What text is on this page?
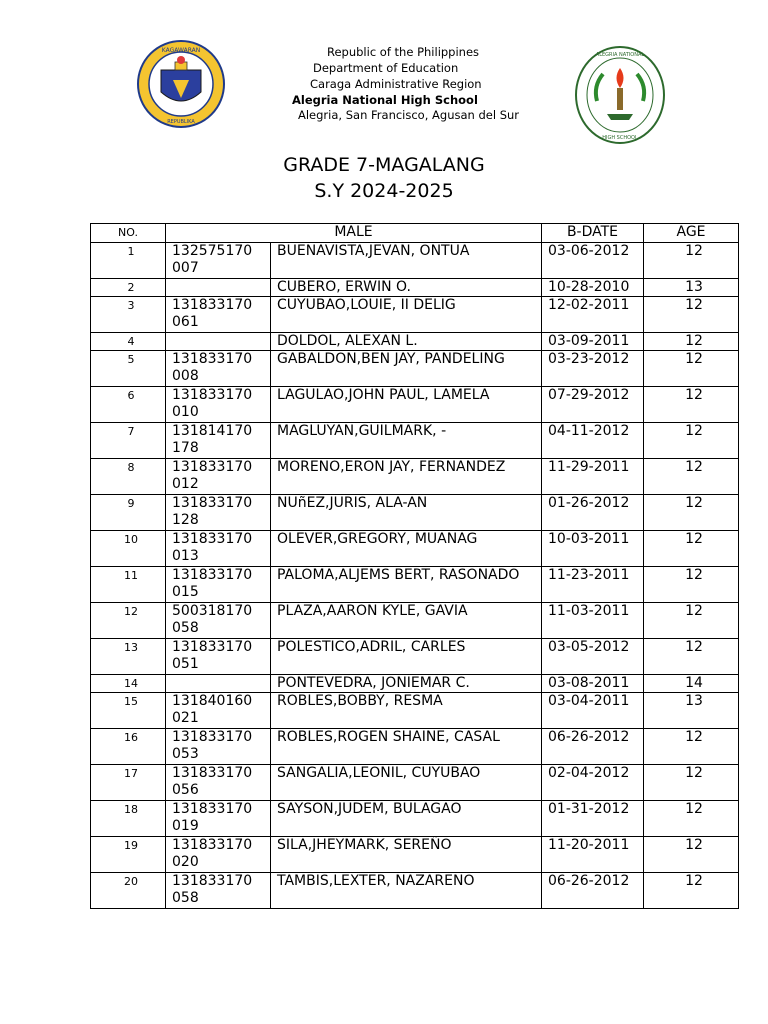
KAGAWARAN
REPUBLIKA
ALEGRIA NATIONAL
HIGH SCHOOL
Republic of the Philippines
Department of Education
Caraga Administrative Region
Alegria National High School
Alegria, San Francisco, Agusan del Sur
GRADE 7-MAGALANG
S.Y 2024-2025
NO.	MALE		B-DATE	AGE
1	132575170 007	BUENAVISTA,JEVAN, ONTUA	03-06-2012	12
2		CUBERO, ERWIN O.	10-28-2010	13
3	131833170 061	CUYUBAO,LOUIE, II DELIG	12-02-2011	12
4		DOLDOL, ALEXAN L.	03-09-2011	12
5	131833170 008	GABALDON,BEN JAY, PANDELING	03-23-2012	12
6	131833170 010	LAGULAO,JOHN PAUL, LAMELA	07-29-2012	12
7	131814170 178	MAGLUYAN,GUILMARK, -	04-11-2012	12
8	131833170 012	MORENO,ERON JAY, FERNANDEZ	11-29-2011	12
9	131833170 128	NUñEZ,JURIS, ALA-AN	01-26-2012	12
10	131833170 013	OLEVER,GREGORY, MUANAG	10-03-2011	12
11	131833170 015	PALOMA,ALJEMS BERT, RASONADO	11-23-2011	12
12	500318170 058	PLAZA,AARON KYLE, GAVIA	11-03-2011	12
13	131833170 051	POLESTICO,ADRIL, CARLES	03-05-2012	12
14		PONTEVEDRA, JONIEMAR C.	03-08-2011	14
15	131840160 021	ROBLES,BOBBY, RESMA	03-04-2011	13
16	131833170 053	ROBLES,ROGEN SHAINE, CASAL	06-26-2012	12
17	131833170 056	SANGALIA,LEONIL, CUYUBAO	02-04-2012	12
18	131833170 019	SAYSON,JUDEM, BULAGAO	01-31-2012	12
19	131833170 020	SILA,JHEYMARK, SEREÑO	11-20-2011	12
20	131833170 058	TAMBIS,LEXTER, NAZARENO	06-26-2012	12
